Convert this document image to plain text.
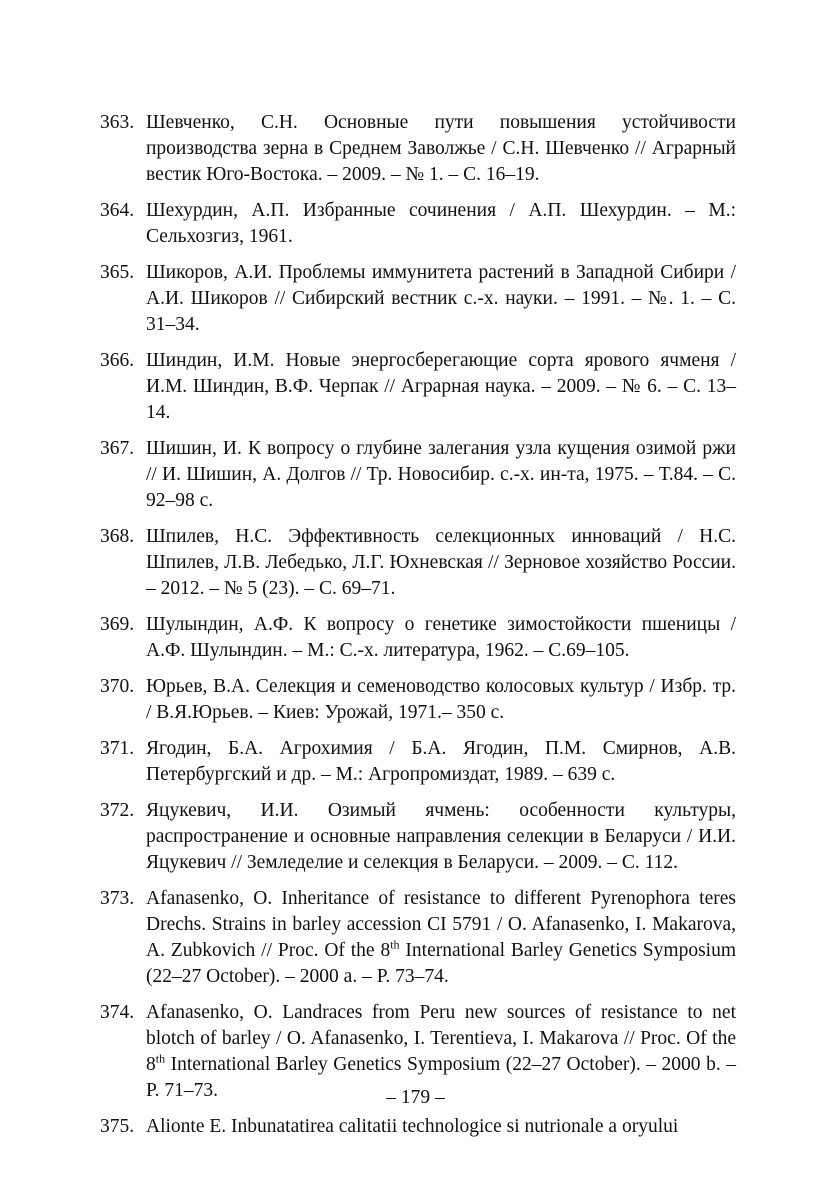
363. Шевченко, С.Н. Основные пути повышения устойчивости производства зерна в Среднем Заволжье / С.Н. Шевченко // Аграрный вестик Юго-Востока. – 2009. – № 1. – С. 16–19.
364. Шехурдин, А.П. Избранные сочинения / А.П. Шехурдин. – М.: Сельхозгиз, 1961.
365. Шикоров, А.И. Проблемы иммунитета растений в Западной Сибири / А.И. Шикоров // Сибирский вестник с.-х. науки. – 1991. – №. 1. – С. 31–34.
366. Шиндин, И.М. Новые энергосберегающие сорта ярового ячменя / И.М. Шиндин, В.Ф. Черпак // Аграрная наука. – 2009. – № 6. – С. 13–14.
367. Шишин, И. К вопросу о глубине залегания узла кущения озимой ржи // И. Шишин, А. Долгов // Тр. Новосибир. с.-х. ин-та, 1975. – Т.84. – С. 92–98 с.
368. Шпилев, Н.С. Эффективность селекционных инноваций / Н.С. Шпилев, Л.В. Лебедько, Л.Г. Юхневская // Зерновое хозяйство России. – 2012. – № 5 (23). – С. 69–71.
369. Шулындин, А.Ф. К вопросу о генетике зимостойкости пшеницы / А.Ф. Шулындин. – М.: С.-х. литература, 1962. – С.69–105.
370. Юрьев, В.А. Селекция и семеноводство колосовых культур / Избр. тр. / В.Я.Юрьев. – Киев: Урожай, 1971.– 350 с.
371. Ягодин, Б.А. Агрохимия / Б.А. Ягодин, П.М. Смирнов, А.В. Петербургский и др. – М.: Агропромиздат, 1989. – 639 с.
372. Яцукевич, И.И. Озимый ячмень: особенности культуры, распространение и основные направления селекции в Беларуси / И.И. Яцукевич // Земледелие и селекция в Беларуси. – 2009. – С. 112.
373. Afanasenko, O. Inheritance of resistance to different Pyrenophora teres Drechs. Strains in barley accession CI 5791 / O. Afanasenko, I. Makarova, A. Zubkovich // Proc. Of the 8th International Barley Genetics Symposium (22–27 October). – 2000 a. – P. 73–74.
374. Afanasenko, O. Landraces from Peru new sources of resistance to net blotch of barley / O. Afanasenko, I. Terentieva, I. Makarova // Proc. Of the 8th International Barley Genetics Symposium (22–27 October). – 2000 b. – P. 71–73.
375. Alionte E. Inbunatatirea calitatii technologice si nutrionale a oryului
– 179 –
